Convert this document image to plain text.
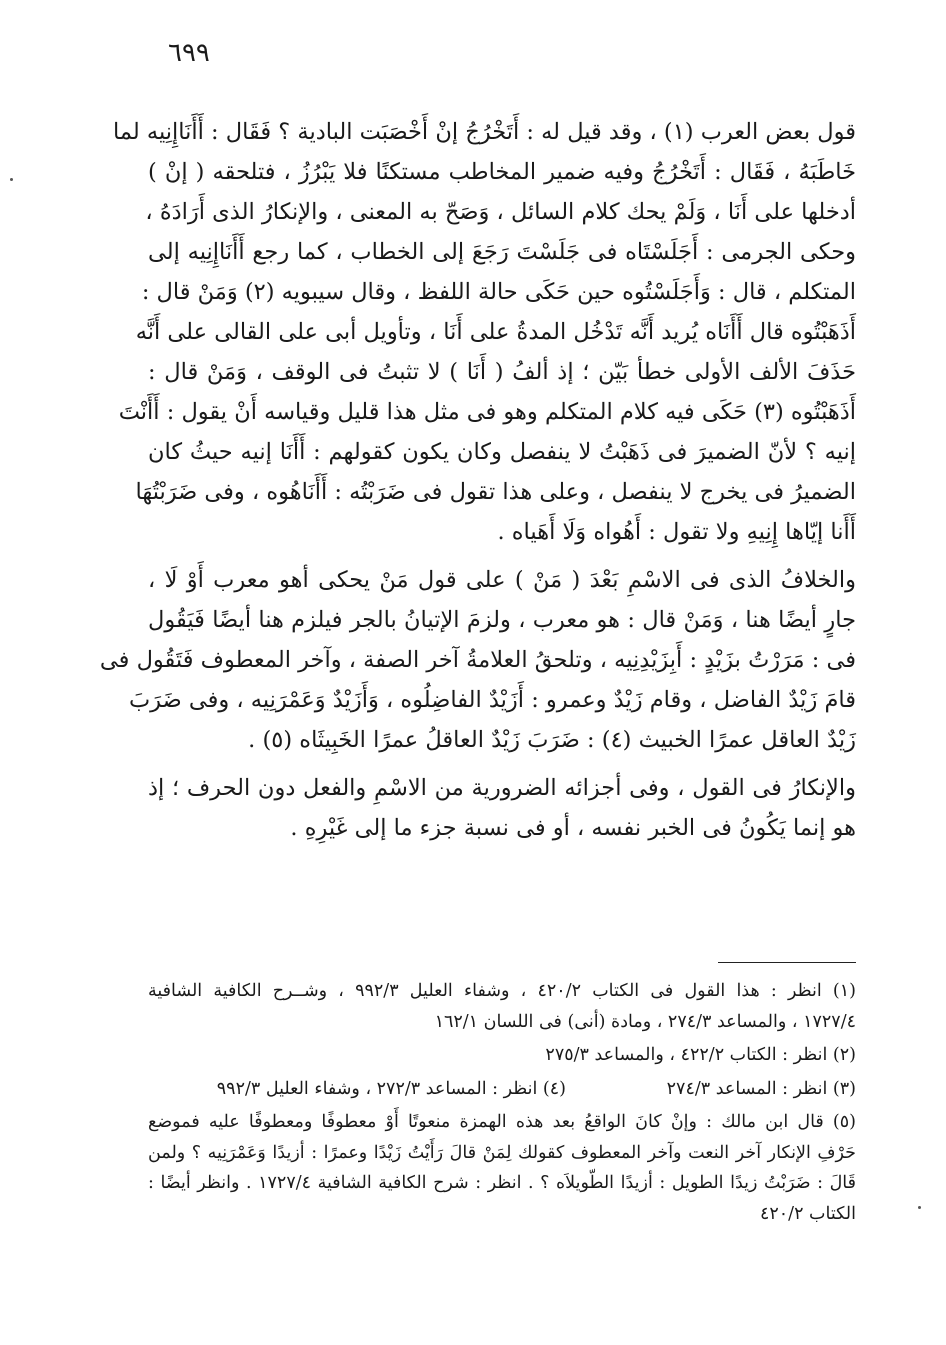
٦٩٩

قول بعض العرب (١) ، وقد قيل له : أَتَخْرُجُ إنْ أَخْصَبَت البادية ؟ فَقَال : أَأَنَاإِنِيه لما
خَاطَبَهُ ، فَقَال : أَتَخْرُجُ وفيه ضمير المخاطب مستكنًا فلا يَبْرُزُ ، فتلحقه ( إنْ )
أدخلها على أَنَا ، وَلَمْ يحك كلام السائل ، وَصَحّ به المعنى ، والإنكارُ الذى أَرَادَهُ ،
وحكى الجرمى : أَجَلَسْتَاه فى جَلَسْتَ رَجَعَ إلى الخطاب ، كما رجع أَأَنَاإِنِيه إلى
المتكلم ، قال : وَأَجَلَسْتُوه حين حَكَى حالة اللفظ ، وقال سيبويه (٢) وَمَنْ قال :
أَذَهَبْتُوه قال أَأَنَاه يُريد أَنَّه تَدْخُل المدةُ على أَنَا ، وتأويل أبى على القالى على أَنَّه
حَذَفَ الألف الأولى خطأ بَيّن ؛ إذ ألفُ ( أَنَا ) لا تثبتُ فى الوقف ، وَمَنْ قال :
أَذَهَبْتُوه (٣) حَكَى فيه كلام المتكلم وهو فى مثل هذا قليل وقياسه أَنْ يقول : أَأَنْتَ
إنيه ؟ لأنّ الضميرَ فى ذَهَبْتُ لا ينفصل وكان يكون كقولهم : أَأَنَا إنيه حيثُ كان
الضميرُ فى يخرج لا ينفصل ، وعلى هذا تقول فى ضَرَبْتُه : أَأَنَاهُوه ، وفى ضَرَبْتُهَا
أَأَنا إيّاها إِنِيهِ ولا تقول : أَهُواه وَلَا أَهَياه .

والخلافُ الذى فى الاسْمِ بَعْدَ ( مَنْ ) على قول مَنْ يحكى أهو معرب أَوْ لَا ،
جارٍ أيضًا هنا ، وَمَنْ قال : هو معرب ، ولزمَ الإتيانُ بالجر فيلزم هنا أيضًا فَيَقُول
فى : مَرَرْتُ بزَيْدٍ : أَبِزَيْدِنِيه ، وتلحقُ العلامةُ آخر الصفة ، وآخر المعطوف فَتَقُول فى
قامَ زَيْدٌ الفاضل ، وقام زَيْدٌ وعمرو : أَزَيْدٌ الفاضِلُوه ، وَأَزَيْدٌ وَعَمْرَنِيه ، وفى ضَرَبَ
زَيْدٌ العاقل عمرًا الخبيث (٤) : ضَرَبَ زَيْدٌ العاقلُ عمرًا الخَبِيثَاه (٥) .

والإنكارُ فى القول ، وفى أجزائه الضرورية من الاسْمِ والفعل دون الحرف ؛ إذ
هو إنما يَكُونُ فى الخبر نفسه ، أو فى نسبة جزء ما إلى غَيْرِهِ .

(١) انظر : هذا القول فى الكتاب ٤٢٠/٢ ، وشفاء العليل ٩٩٢/٣ ، وشــرح الكافية الشافية
١٧٢٧/٤ ، والمساعد ٢٧٤/٣ ، ومادة (أنى) فى اللسان ١٦٢/١
(٢) انظر : الكتاب ٤٢٢/٢ ، والمساعد ٢٧٥/٣
(٣) انظر : المساعد ٢٧٤/٣
(٤) انظر : المساعد ٢٧٢/٣ ، وشفاء العليل ٩٩٢/٣
(٥) قال ابن مالك : وإنْ كانَ الواقعُ بعد هذه الهمزة منعوتًا أَوْ معطوفًا ومعطوفًا عليه فموضع
حَرْفِ الإنكار آخر النعت وآخر المعطوف كقولك لِمَنْ قالَ رَأَيْتُ زَيْدًا وعمرًا : أزيدًا وَعَمْرَنِيه ؟ ولمن
قَالَ : ضَرَبْتُ زيدًا الطويل : أزيدًا الطّويلاَه ؟ . انظر : شرح الكافية الشافية ١٧٢٧/٤ . وانظر أيضًا :
الكتاب ٤٢٠/٢
